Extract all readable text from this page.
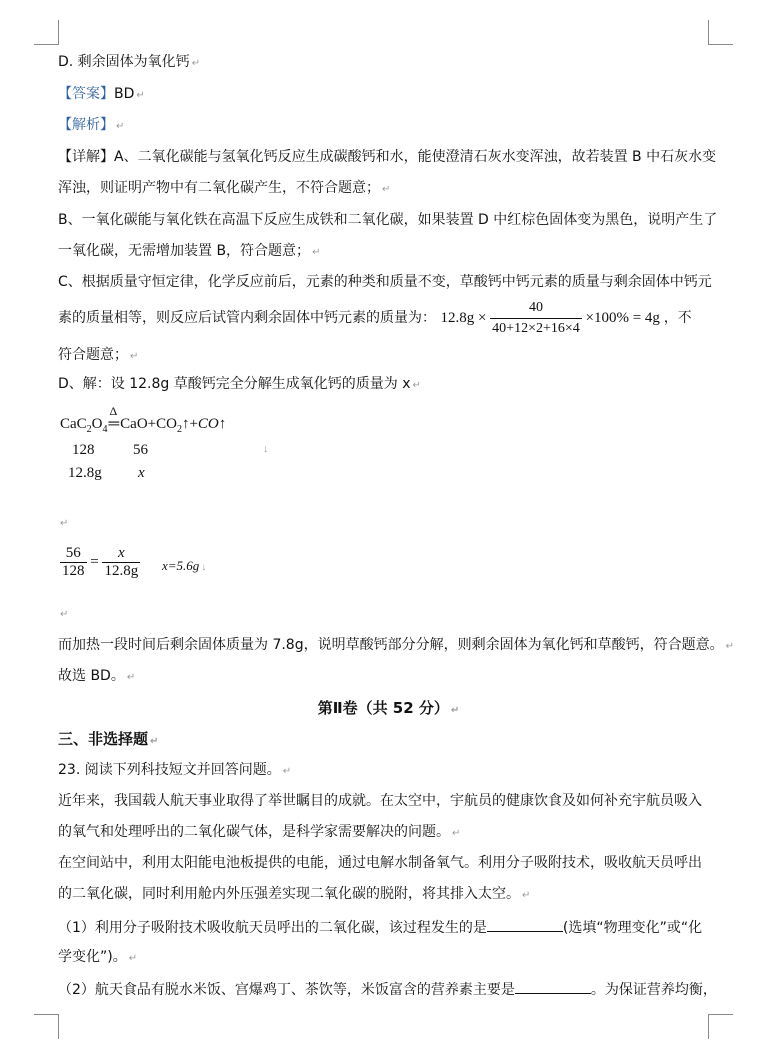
D. 剩余固体为氧化钙 ↵
【答案】BD ↵
【解析】 ↵
【详解】A、二氧化碳能与氢氧化钙反应生成碳酸钙和水，能使澄清石灰水变浑浊，故若装置 B 中石灰水变
浑浊，则证明产物中有二氧化碳产生，不符合题意； ↵
B、一氧化碳能与氧化铁在高温下反应生成铁和二氧化碳，如果装置 D 中红棕色固体变为黑色，说明产生了
一氧化碳，无需增加装置 B，符合题意； ↵
C、根据质量守恒定律，化学反应前后，元素的种类和质量不变，草酸钙中钙元素的质量与剩余固体中钙元
素的质量相等，则反应后试管内剩余固体中钙元素的质量为： $12.8g \times \frac{40}{40+12\times 2+16\times 4} \times 100\% = 4g$ ，不
符合题意； ↵
D、解：设 12.8g 草酸钙完全分解生成氧化钙的质量为 x ↵
$CaC_2O_4$
Δ
$═CaO+CO_2↑+CO↑$
128	56	↓
12.8g x
↵
$\frac{56}{128} = \frac{x}{12.8g} x=5.6g$ ↓
↵
而加热一段时间后剩余固体质量为 7.8g，说明草酸钙部分分解，则剩余固体为氧化钙和草酸钙，符合题意。 ↵
故选 BD。 ↵
第Ⅱ卷（共 52 分） ↵
三、非选择题 ↵
23. 阅读下列科技短文并回答问题。 ↵
近年来，我国载人航天事业取得了举世瞩目的成就。在太空中，宇航员的健康饮食及如何补充宇航员吸入
的氧气和处理呼出的二氧化碳气体，是科学家需要解决的问题。 ↵
在空间站中，利用太阳能电池板提供的电能，通过电解水制备氧气。利用分子吸附技术，吸收航天员呼出
的二氧化碳，同时利用舱内外压强差实现二氧化碳的脱附，将其排入太空。 ↵
（1）利用分子吸附技术吸收航天员呼出的二氧化碳，该过程发生的是	(选填“物理变化”或“化
学变化”)。 ↵
（2）航天食品有脱水米饭、宫爆鸡丁、茶饮等，米饭富含的营养素主要是	。为保证营养均衡，
